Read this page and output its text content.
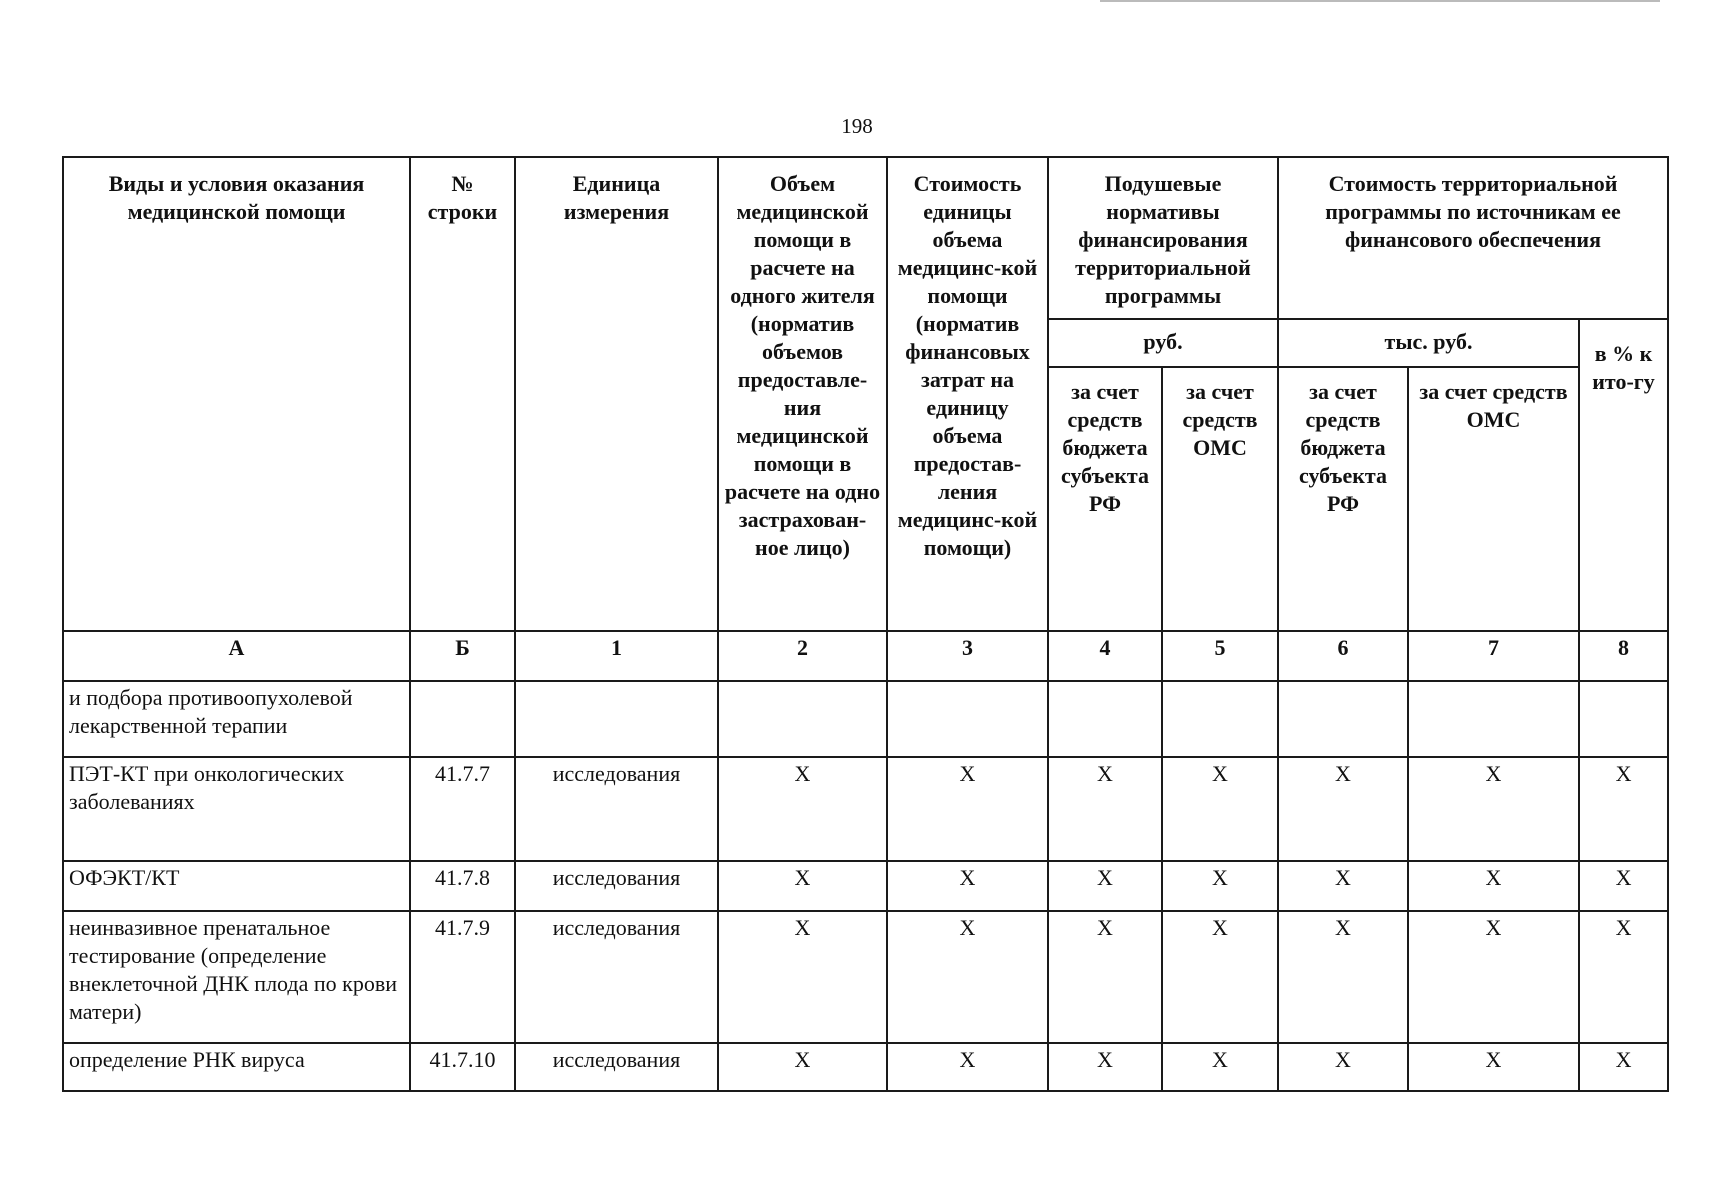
198
Виды и условия оказания медицинской помощи	№ строки	Единица измерения	Объем медицинской помощи в расчете на одного жителя (норматив объемов предоставле-ния медицинской помощи в расчете на одно застрахован-ное лицо)	Стоимость единицы объема медицинс-кой помощи (норматив финансовых затрат на единицу объема предостав-ления медицинс-кой помощи)	Подушевые нормативы финансирования территориальной программы		Стоимость территориальной программы по источникам ее финансового обеспечения		
					руб.		тыс. руб.		в % к ито-гу
					за счет средств бюджета субъекта РФ	за счет средств ОМС	за счет средств бюджета субъекта РФ	за счет средств ОМС	
А	Б	1	2	3	4	5	6	7	8
и подбора противоопухолевой лекарственной терапии									
ПЭТ-КТ при онкологических заболеваниях	41.7.7	исследования	X	X	X	X	X	X	X
ОФЭКТ/КТ	41.7.8	исследования	X	X	X	X	X	X	X
неинвазивное пренатальное тестирование (определение внеклеточной ДНК плода по крови матери)	41.7.9	исследования	X	X	X	X	X	X	X
определение РНК вируса	41.7.10	исследования	X	X	X	X	X	X	X
